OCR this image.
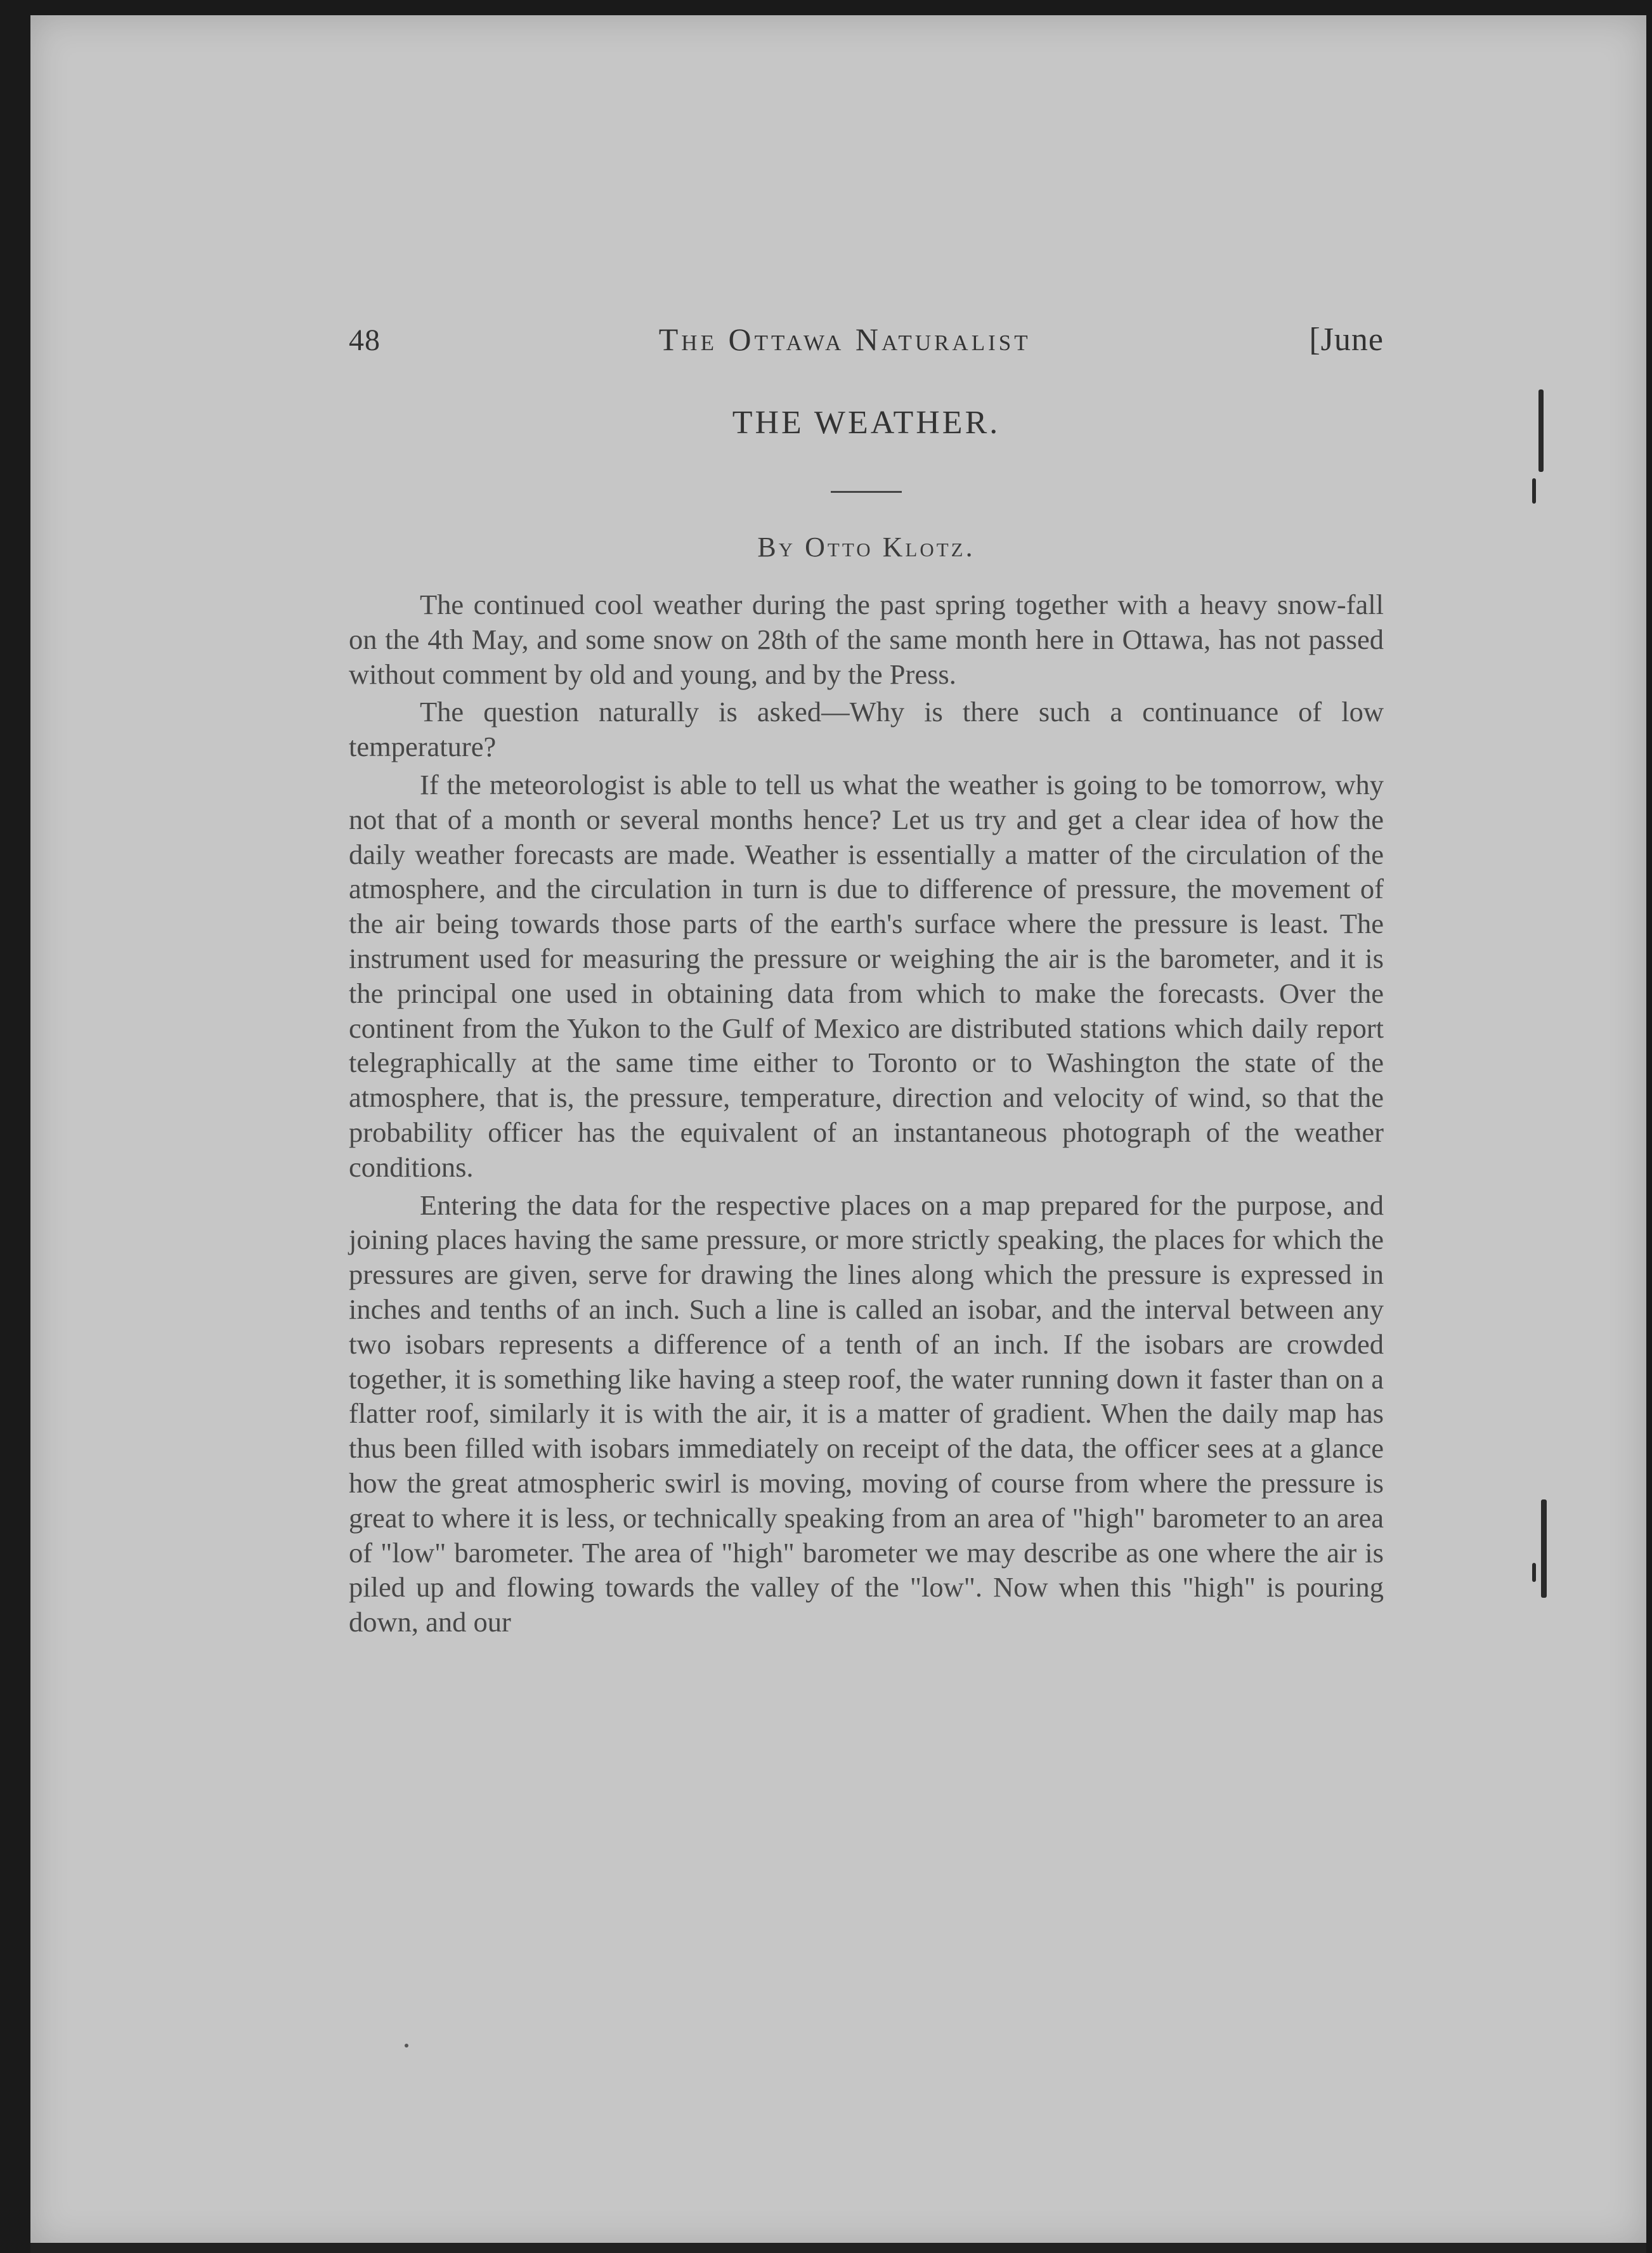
48	The Ottawa Naturalist	[June
THE WEATHER.
By Otto Klotz.

The continued cool weather during the past spring together with a heavy snow-fall on the 4th May, and some snow on 28th of the same month here in Ottawa, has not passed without comment by old and young, and by the Press.

The question naturally is asked—Why is there such a continuance of low temperature?

If the meteorologist is able to tell us what the weather is going to be tomorrow, why not that of a month or several months hence? Let us try and get a clear idea of how the daily weather forecasts are made. Weather is essentially a matter of the circulation of the atmosphere, and the circulation in turn is due to difference of pressure, the movement of the air being towards those parts of the earth's surface where the pressure is least. The instrument used for measuring the pressure or weighing the air is the barometer, and it is the principal one used in obtaining data from which to make the forecasts. Over the continent from the Yukon to the Gulf of Mexico are distributed stations which daily report telegraphically at the same time either to Toronto or to Washington the state of the atmosphere, that is, the pressure, temperature, direction and velocity of wind, so that the probability officer has the equivalent of an instantaneous photograph of the weather conditions.

Entering the data for the respective places on a map prepared for the purpose, and joining places having the same pressure, or more strictly speaking, the places for which the pressures are given, serve for drawing the lines along which the pressure is expressed in inches and tenths of an inch. Such a line is called an isobar, and the interval between any two isobars represents a difference of a tenth of an inch. If the isobars are crowded together, it is something like having a steep roof, the water running down it faster than on a flatter roof, similarly it is with the air, it is a matter of gradient. When the daily map has thus been filled with isobars immediately on receipt of the data, the officer sees at a glance how the great atmospheric swirl is moving, moving of course from where the pressure is great to where it is less, or technically speaking from an area of "high" barometer to an area of "low" barometer. The area of "high" barometer we may describe as one where the air is piled up and flowing towards the valley of the "low". Now when this "high" is pouring down, and our
